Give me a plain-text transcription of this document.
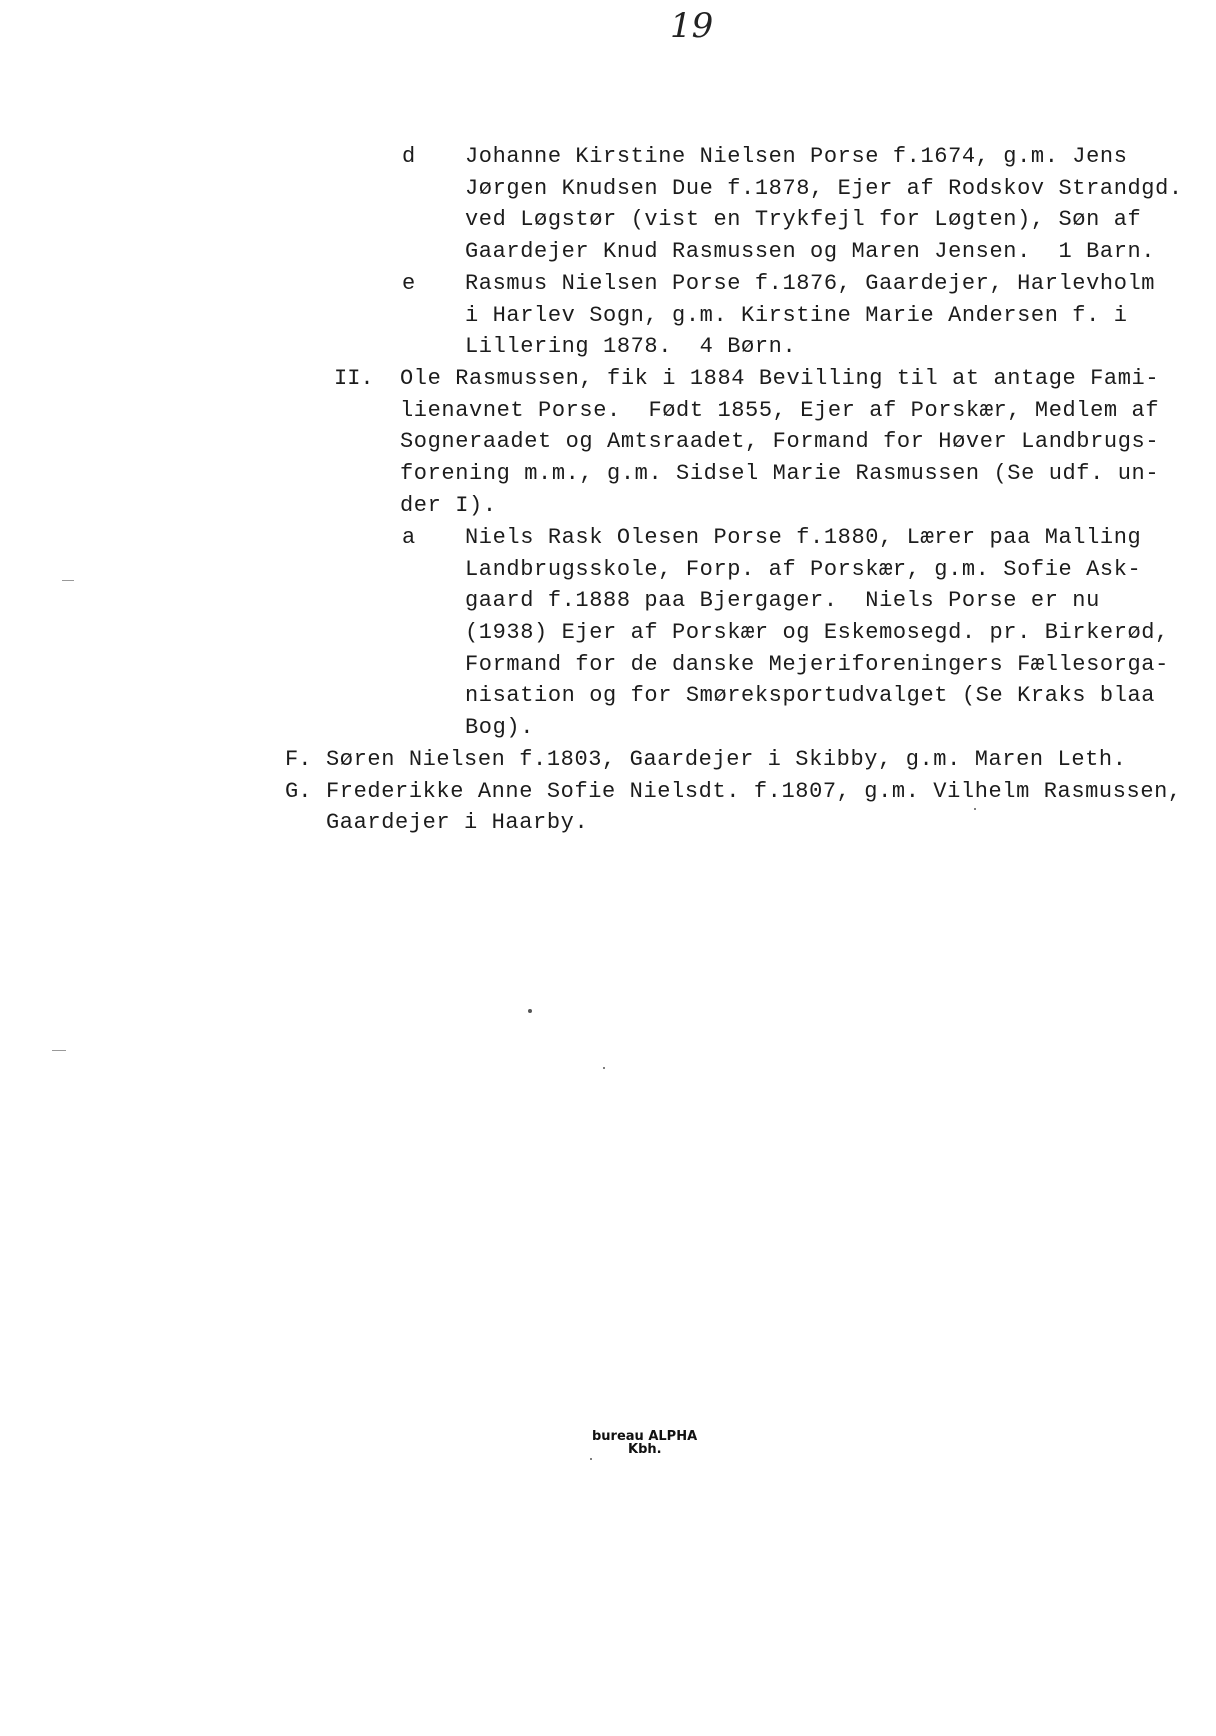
19
d Johanne Kirstine Nielsen Porse f.1674, g.m. Jens
Jørgen Knudsen Due f.1878, Ejer af Rodskov Strandgd.
ved Løgstør (vist en Trykfejl for Løgten), Søn af
Gaardejer Knud Rasmussen og Maren Jensen.  1 Barn.
e Rasmus Nielsen Porse f.1876, Gaardejer, Harlevholm
i Harlev Sogn, g.m. Kirstine Marie Andersen f. i
Lillering 1878.  4 Børn.
II. Ole Rasmussen, fik i 1884 Bevilling til at antage Fami-
lienavnet Porse.  Født 1855, Ejer af Porskær, Medlem af
Sogneraadet og Amtsraadet, Formand for Høver Landbrugs-
forening m.m., g.m. Sidsel Marie Rasmussen (Se udf. un-
der I).
a Niels Rask Olesen Porse f.1880, Lærer paa Malling
Landbrugsskole, Forp. af Porskær, g.m. Sofie Ask-
gaard f.1888 paa Bjergager.  Niels Porse er nu
(1938) Ejer af Porskær og Eskemosegd. pr. Birkerød,
Formand for de danske Mejeriforeningers Fællesorga-
nisation og for Smøreksportudvalget (Se Kraks blaa
Bog).
F. Søren Nielsen f.1803, Gaardejer i Skibby, g.m. Maren Leth.
G. Frederikke Anne Sofie Nielsdt. f.1807, g.m. Vilhelm Rasmussen,
Gaardejer i Haarby.
bureau ALPHA
Kbh.
